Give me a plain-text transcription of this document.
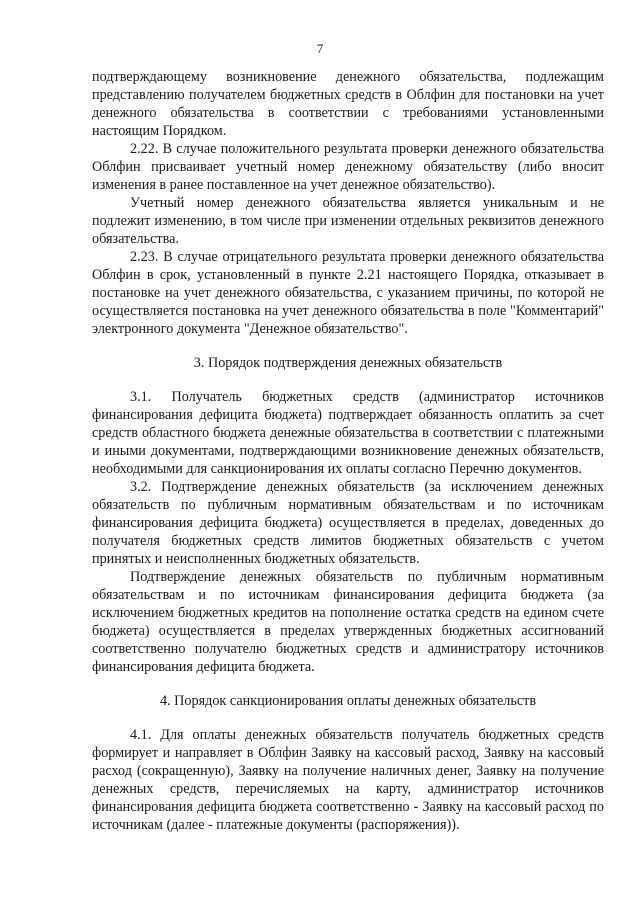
7

подтверждающему возникновение денежного обязательства, подлежащим представлению получателем бюджетных средств в Облфин для постановки на учет денежного обязательства в соответствии с требованиями установленными настоящим Порядком.

2.22. В случае положительного результата проверки денежного обязательства Облфин присваивает учетный номер денежному обязательству (либо вносит изменения в ранее поставленное на учет денежное обязательство).

Учетный номер денежного обязательства является уникальным и не подлежит изменению, в том числе при изменении отдельных реквизитов денежного обязательства.

2.23. В случае отрицательного результата проверки денежного обязательства Облфин в срок, установленный в пункте 2.21 настоящего Порядка, отказывает в постановке на учет денежного обязательства, с указанием причины, по которой не осуществляется постановка на учет денежного обязательства в поле "Комментарий" электронного документа "Денежное обязательство".

3. Порядок подтверждения денежных обязательств

3.1. Получатель бюджетных средств (администратор источников финансирования дефицита бюджета) подтверждает обязанность оплатить за счет средств областного бюджета денежные обязательства в соответствии с платежными и иными документами, подтверждающими возникновение денежных обязательств, необходимыми для санкционирования их оплаты согласно Перечню документов.

3.2. Подтверждение денежных обязательств (за исключением денежных обязательств по публичным нормативным обязательствам и по источникам финансирования дефицита бюджета) осуществляется в пределах, доведенных до получателя бюджетных средств лимитов бюджетных обязательств с учетом принятых и неисполненных бюджетных обязательств.

Подтверждение денежных обязательств по публичным нормативным обязательствам и по источникам финансирования дефицита бюджета (за исключением бюджетных кредитов на пополнение остатка средств на едином счете бюджета) осуществляется в пределах утвержденных бюджетных ассигнований соответственно получателю бюджетных средств и администратору источников финансирования дефицита бюджета.

4. Порядок санкционирования оплаты денежных обязательств

4.1. Для оплаты денежных обязательств получатель бюджетных средств формирует и направляет в Облфин Заявку на кассовый расход, Заявку на кассовый расход (сокращенную), Заявку на получение наличных денег, Заявку на получение денежных средств, перечисляемых на карту, администратор источников финансирования дефицита бюджета соответственно - Заявку на кассовый расход по источникам (далее - платежные документы (распоряжения)).
